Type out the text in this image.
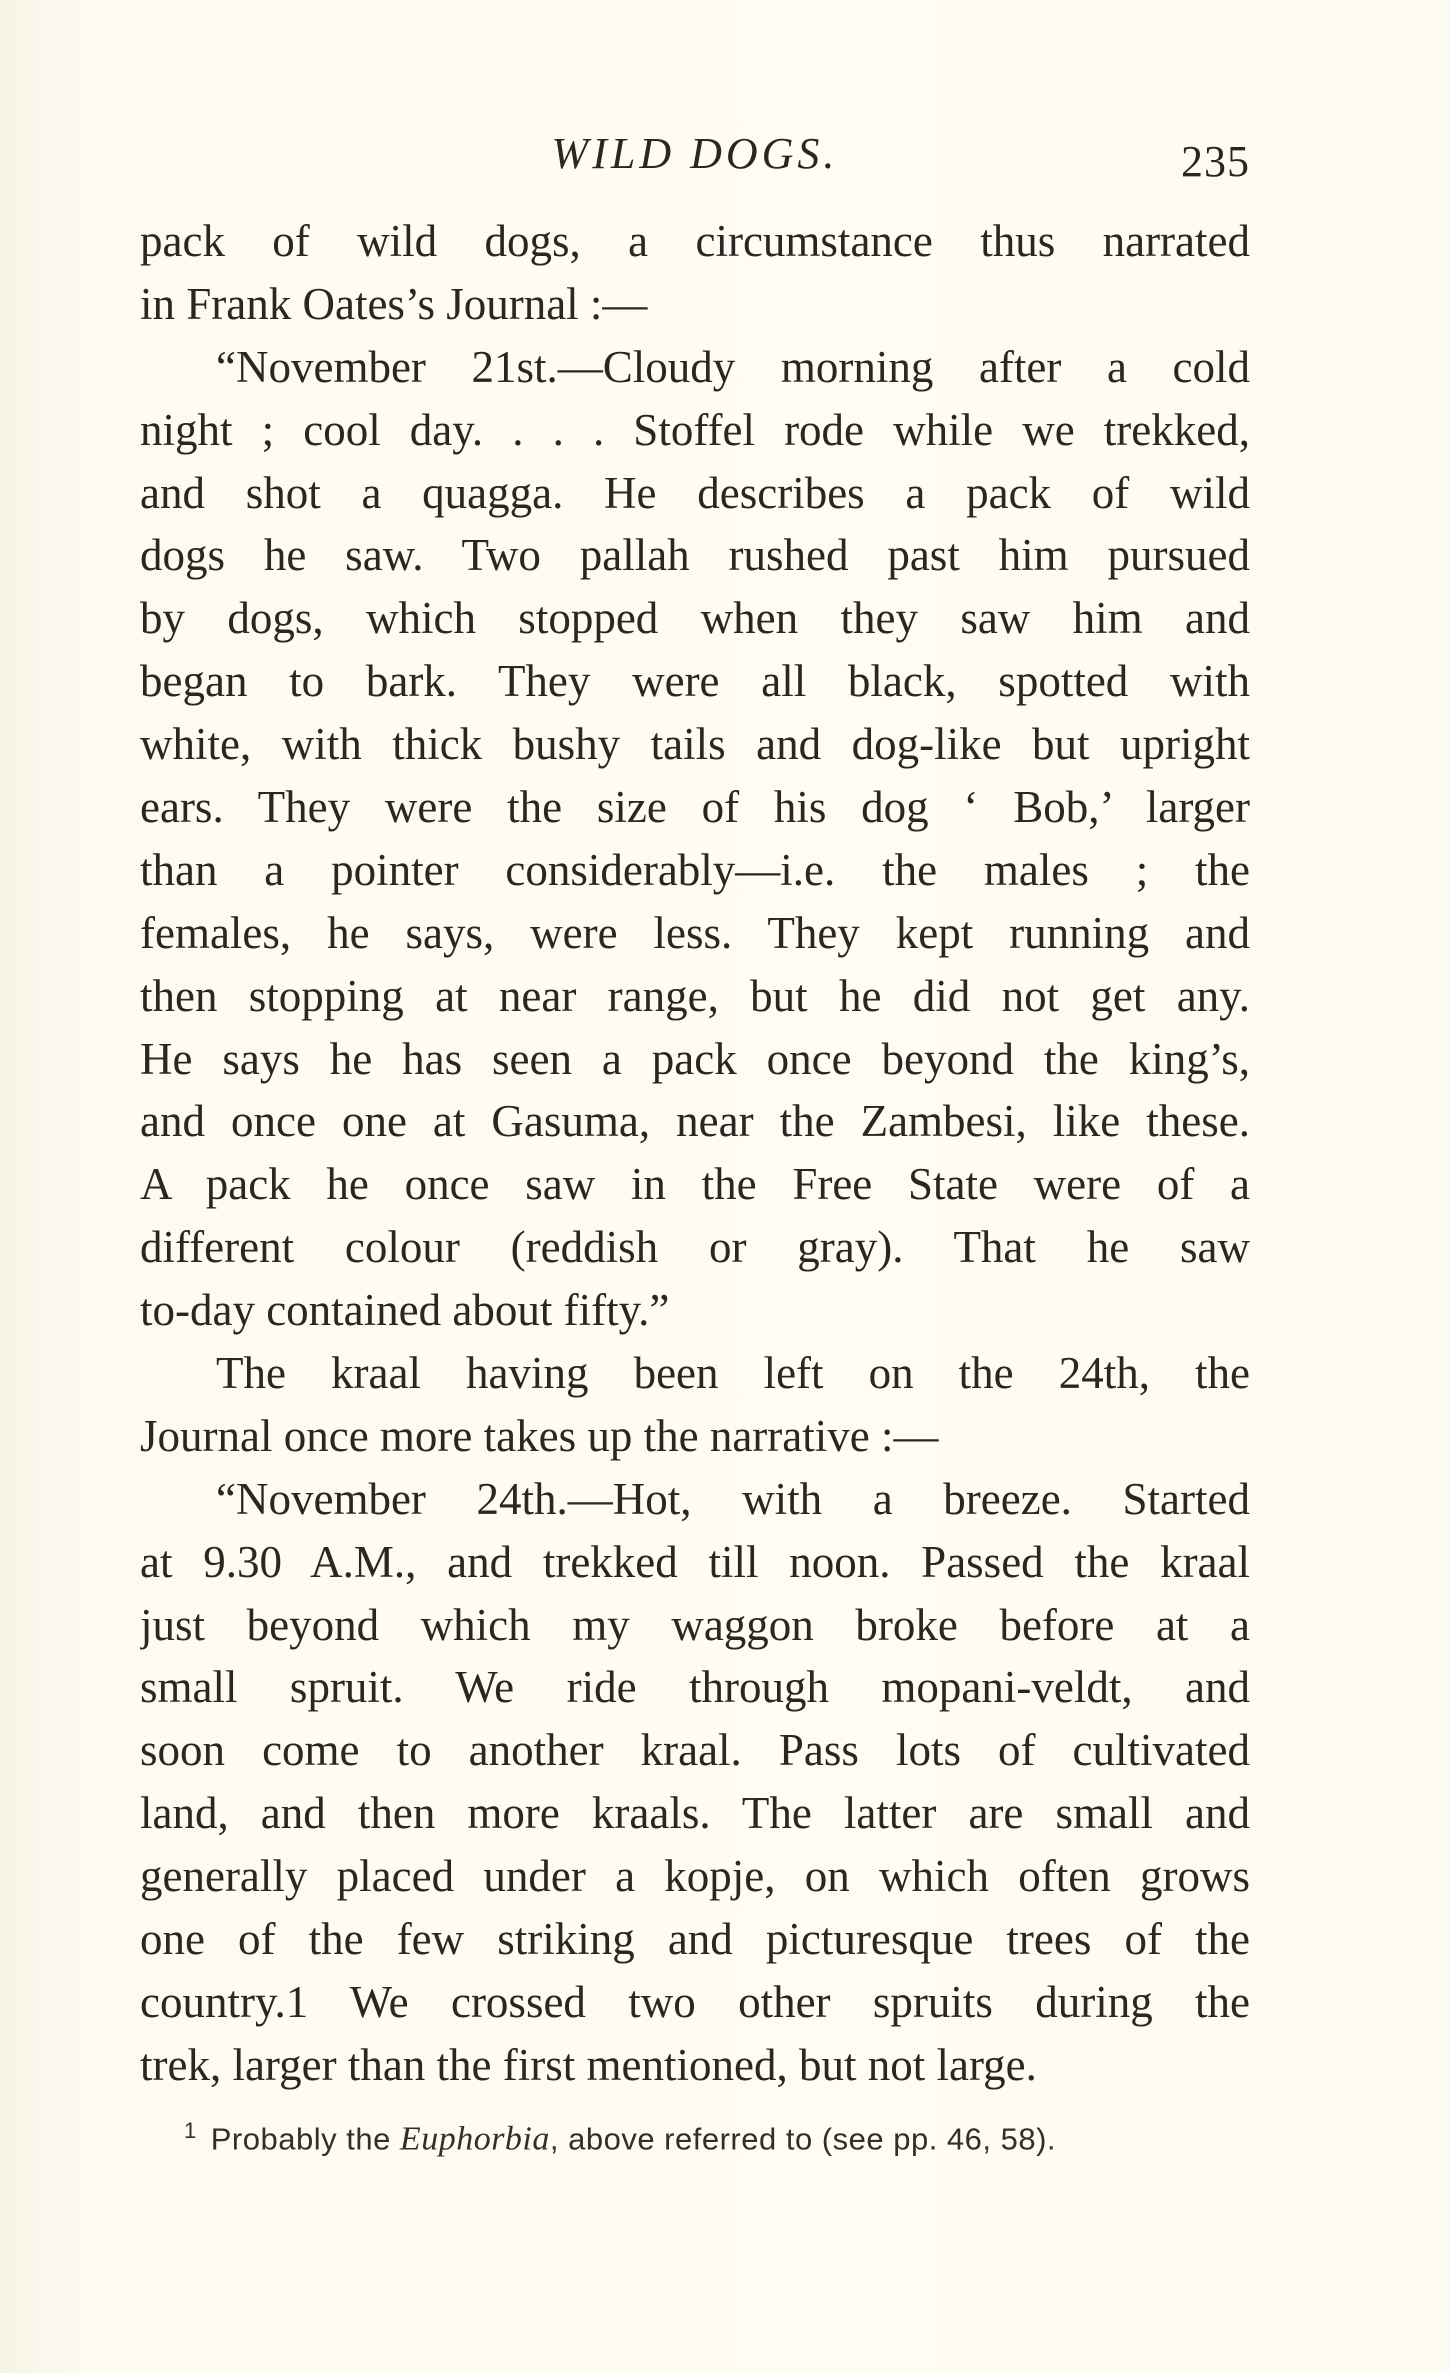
WILD DOGS.	235
pack of wild dogs, a circumstance thus narrated
in Frank Oates’s Journal :—
“November 21st.—Cloudy morning after a cold
night ; cool day. . . . Stoffel rode while we trekked,
and shot a quagga. He describes a pack of wild
dogs he saw. Two pallah rushed past him pursued
by dogs, which stopped when they saw him and
began to bark. They were all black, spotted with
white, with thick bushy tails and dog-like but upright
ears. They were the size of his dog ‘ Bob,’ larger
than a pointer considerably—i.e. the males ; the
females, he says, were less. They kept running and
then stopping at near range, but he did not get any.
He says he has seen a pack once beyond the king’s,
and once one at Gasuma, near the Zambesi, like these.
A pack he once saw in the Free State were of a
different colour (reddish or gray). That he saw
to-day contained about fifty.”
The kraal having been left on the 24th, the
Journal once more takes up the narrative :—
“November 24th.—Hot, with a breeze. Started
at 9.30 A.M., and trekked till noon. Passed the kraal
just beyond which my waggon broke before at a
small spruit. We ride through mopani-veldt, and
soon come to another kraal. Pass lots of cultivated
land, and then more kraals. The latter are small and
generally placed under a kopje, on which often grows
one of the few striking and picturesque trees of the
country.1 We crossed two other spruits during the
trek, larger than the first mentioned, but not large.
$^1$ Probably the Euphorbia, above referred to (see pp. 46, 58).
